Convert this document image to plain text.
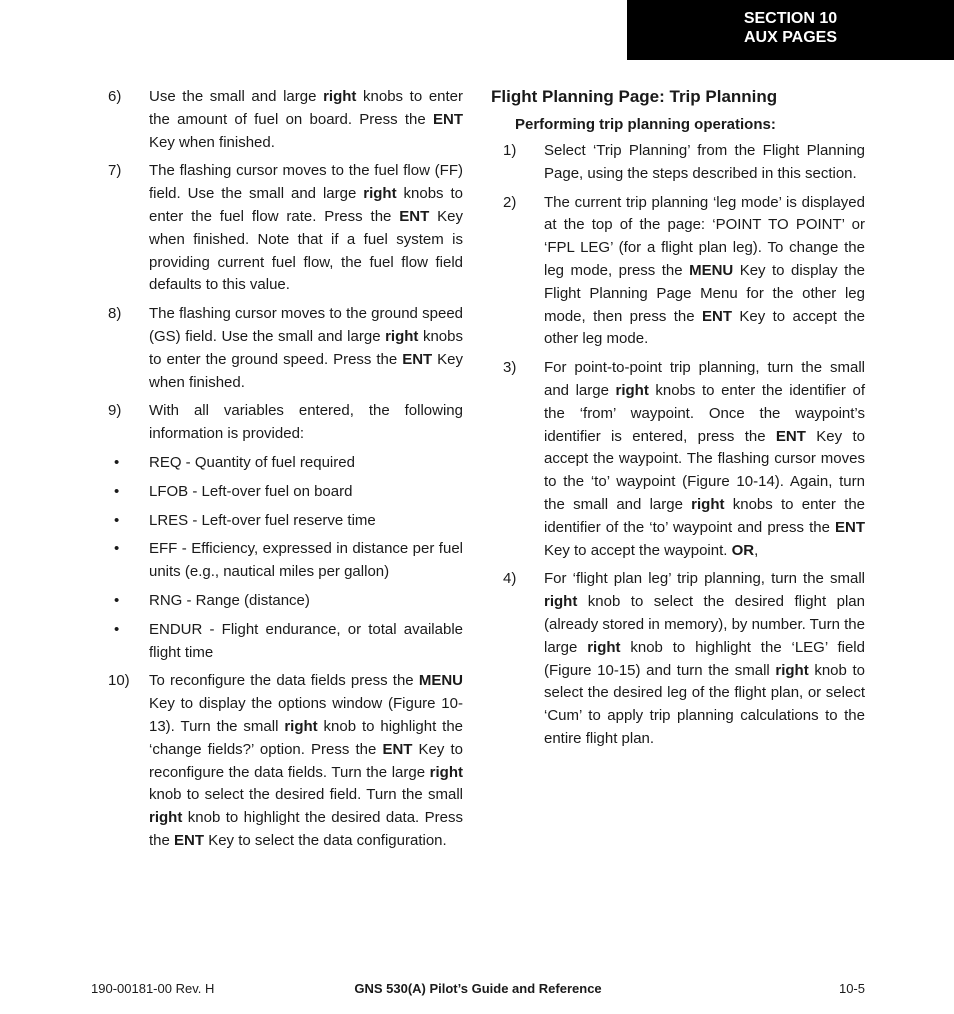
SECTION 10
AUX PAGES
6)	Use the small and large right knobs to enter the amount of fuel on board. Press the ENT Key when finished.
7)	The flashing cursor moves to the fuel flow (FF) field. Use the small and large right knobs to enter the fuel flow rate. Press the ENT Key when finished. Note that if a fuel system is providing current fuel flow, the fuel flow field defaults to this value.
8)	The flashing cursor moves to the ground speed (GS) field. Use the small and large right knobs to enter the ground speed. Press the ENT Key when finished.
9)	With all variables entered, the following information is provided:
•	REQ - Quantity of fuel required
•	LFOB - Left-over fuel on board
•	LRES - Left-over fuel reserve time
•	EFF - Efficiency, expressed in distance per fuel units (e.g., nautical miles per gallon)
•	RNG - Range (distance)
•	ENDUR - Flight endurance, or total available flight time
10)	To reconfigure the data fields press the MENU Key to display the options window (Figure 10-13). Turn the small right knob to highlight the ‘change fields?’ option. Press the ENT Key to reconfigure the data fields. Turn the large right knob to select the desired field. Turn the small right knob to highlight the desired data. Press the ENT Key to select the data configuration.
Flight Planning Page: Trip Planning
Performing trip planning operations:
1)	Select ‘Trip Planning’ from the Flight Planning Page, using the steps described in this section.
2)	The current trip planning ‘leg mode’ is displayed at the top of the page: ‘POINT TO POINT’ or ‘FPL LEG’ (for a flight plan leg). To change the leg mode, press the MENU Key to display the Flight Planning Page Menu for the other leg mode, then press the ENT Key to accept the other leg mode.
3)	For point-to-point trip planning, turn the small and large right knobs to enter the identifier of the ‘from’ waypoint. Once the waypoint’s identifier is entered, press the ENT Key to accept the waypoint. The flashing cursor moves to the ‘to’ waypoint (Figure 10-14). Again, turn the small and large right knobs to enter the identifier of the ‘to’ waypoint and press the ENT Key to accept the waypoint. OR,
4)	For ‘flight plan leg’ trip planning, turn the small right knob to select the desired flight plan (already stored in memory), by number. Turn the large right knob to highlight the ‘LEG’ field (Figure 10-15) and turn the small right knob to select the desired leg of the flight plan, or select ‘Cum’ to apply trip planning calculations to the entire flight plan.
190-00181-00 Rev. H	GNS 530(A) Pilot’s Guide and Reference	10-5
